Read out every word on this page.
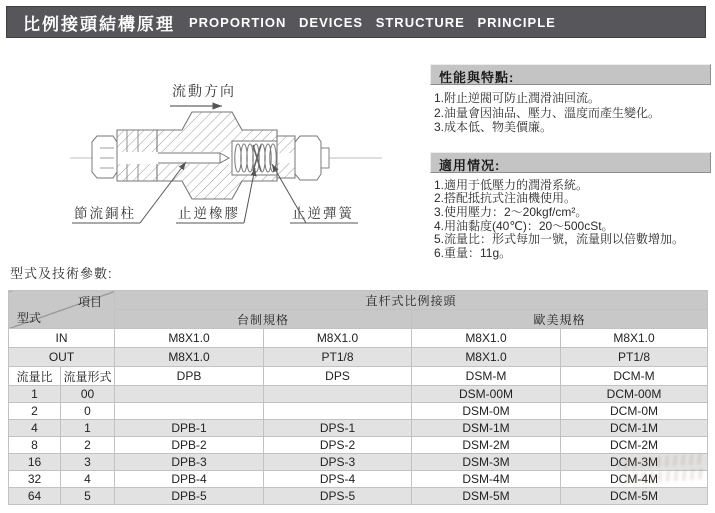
比例接頭結構原理 PROPORTION DEVICES STRUCTURE PRINCIPLE
流動方向
節流銅柱	止逆橡膠	止逆彈簧
性能與特點:
1.附止逆閥可防止潤滑油回流。
2.油量會因油品、壓力、溫度而產生變化。
3.成本低、物美價廉。
適用情况:
1.適用于低壓力的潤滑系統。
2.搭配抵抗式注油機使用。
3.使用壓力：2～20kgf/cm²。
4.用油黏度(40℃)：20～500cSt。
5.流量比：形式每加一號，流量則以倍數增加。
6.重量：11g。
型式及技術參數:
項目
型式		直杆式比例接頭			
		台制規格		歐美規格	
IN		M8X1.0	M8X1.0	M8X1.0	M8X1.0
OUT		M8X1.0	PT1/8	M8X1.0	PT1/8
流量比	流量形式	DPB	DPS	DSM-M	DCM-M
1	00			DSM-00M	DCM-00M
2	0			DSM-0M	DCM-0M
4	1	DPB-1	DPS-1	DSM-1M	DCM-1M
8	2	DPB-2	DPS-2	DSM-2M	DCM-2M
16	3	DPB-3	DPS-3	DSM-3M	DCM-3M
32	4	DPB-4	DPS-4	DSM-4M	DCM-4M
64	5	DPB-5	DPS-5	DSM-5M	DCM-5M
